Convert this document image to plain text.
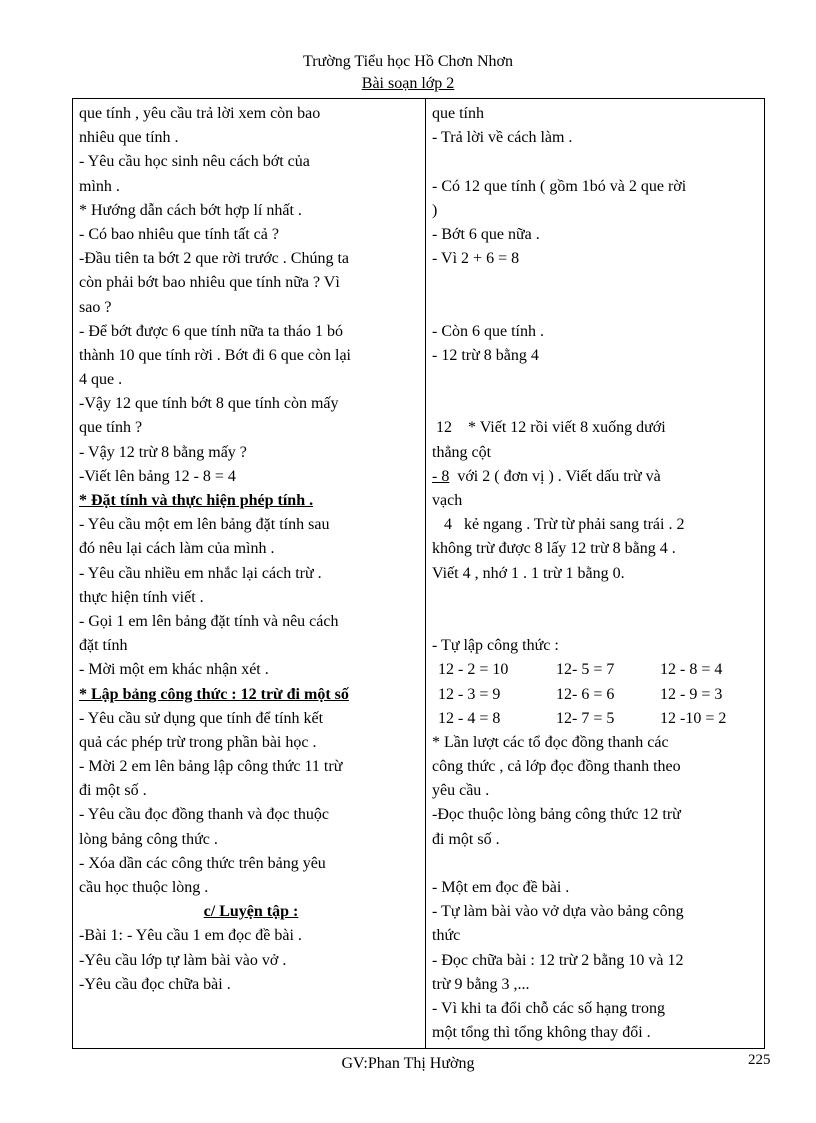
Trường Tiểu học Hồ Chơn Nhơn
Bài soạn lớp 2
que tính , yêu cầu trả lời xem còn bao
nhiêu que tính .
- Yêu cầu học sinh nêu cách bớt của
mình .
* Hướng dẫn cách bớt hợp lí nhất .
- Có bao nhiêu que tính tất cả ?
-Đầu tiên ta bớt 2 que rời trước . Chúng ta
còn phải bớt bao nhiêu que tính nữa ? Vì
sao ?
- Để bớt được 6 que tính nữa ta tháo 1 bó
thành 10 que tính rời . Bớt đi 6 que còn lại
4 que .
-Vậy 12 que tính bớt 8 que tính còn mấy
que tính ?
- Vậy 12 trừ 8 bằng mấy ?
-Viết lên bảng 12 - 8 = 4
* Đặt tính và thực hiện phép tính .
- Yêu cầu một em lên bảng đặt tính sau
đó nêu lại cách làm của mình .
- Yêu cầu nhiều em nhắc lại cách trừ .
thực hiện tính viết .
- Gọi 1 em lên bảng đặt tính và nêu cách
đặt tính
- Mời một em khác nhận xét .
* Lập bảng công thức : 12 trừ đi một số
- Yêu cầu sử dụng que tính để tính kết
quả các phép trừ trong phần bài học .
- Mời 2 em lên bảng lập công thức 11 trừ
đi một số .
- Yêu cầu đọc đồng thanh và đọc thuộc
lòng bảng công thức .
- Xóa dần các công thức trên bảng yêu
cầu học thuộc lòng .
c/ Luyện tập :
-Bài 1: - Yêu cầu 1 em đọc đề bài .
-Yêu cầu lớp tự làm bài vào vở .
-Yêu cầu đọc chữa bài .
que tính
- Trả lời về cách làm .
- Có 12 que tính ( gồm 1bó và 2 que rời
)
- Bớt 6 que nữa .
- Vì 2 + 6 = 8
- Còn 6 que tính .
- 12 trừ 8 bằng 4
12    * Viết 12 rồi viết 8 xuống dưới
thẳng cột
- 8  với 2 ( đơn vị ) . Viết dấu trừ và
vạch
4   kẻ ngang . Trừ từ phải sang trái . 2
không trừ được 8 lấy 12 trừ 8 bằng 4 .
Viết 4 , nhớ 1 . 1 trừ 1 bằng 0.
- Tự lập công thức :
12 - 2 = 10	12- 5 = 7	12 - 8 = 4
12 - 3 = 9	12- 6 = 6	12 - 9 = 3
12 - 4 = 8	12- 7 = 5	12 -10 = 2
* Lần lượt các tổ đọc đồng thanh các
công thức , cả lớp đọc đồng thanh theo
yêu cầu .
-Đọc thuộc lòng bảng công thức 12 trừ
đi một số .
- Một em đọc đề bài .
- Tự làm bài vào vở dựa vào bảng công
thức
- Đọc chữa bài : 12 trừ 2 bằng 10 và 12
trừ 9 bằng 3 ,...
- Vì khi ta đổi chỗ các số hạng trong
một tổng thì tổng không thay đổi .
GV:Phan Thị Hường	225
